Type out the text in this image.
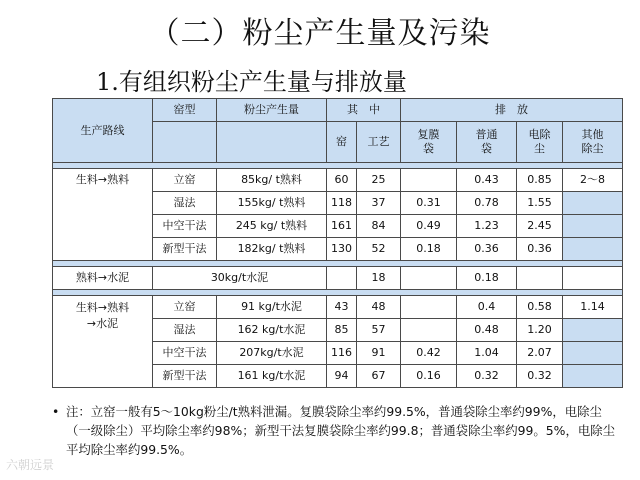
（二）粉尘产生量及污染
1.有组织粉尘产生量与排放量
生产路线	窑型	粉尘产生量	其　中		排　放			
			窑	工艺	复膜袋	普通袋	电除尘	其他除尘

生料→熟料	立窑	85kg/ t熟料	60	25		0.43	0.85	2～8
	湿法	155kg/ t熟料	118	37	0.31	0.78	1.55	
	中空干法	245 kg/ t熟料	161	84	0.49	1.23	2.45	
	新型干法	182kg/ t熟料	130	52	0.18	0.36	0.36	

熟料→水泥	30kg/t水泥			18		0.18		

生料→熟料→水泥	立窑	91 kg/t水泥	43	48		0.4	0.58	1.14
	湿法	162 kg/t水泥	85	57		0.48	1.20	
	中空干法	207kg/t水泥	116	91	0.42	1.04	2.07	
	新型干法	161 kg/t水泥	94	67	0.16	0.32	0.32	
• 注：立窑一般有5～10kg粉尘/t熟料泄漏。复膜袋除尘率约99.5%，普通袋除尘率约99%，电除尘（一级除尘）平均除尘率约98%；新型干法复膜袋除尘率约99.8；普通袋除尘率约99。5%，电除尘平均除尘率约99.5%。
六朝远景
